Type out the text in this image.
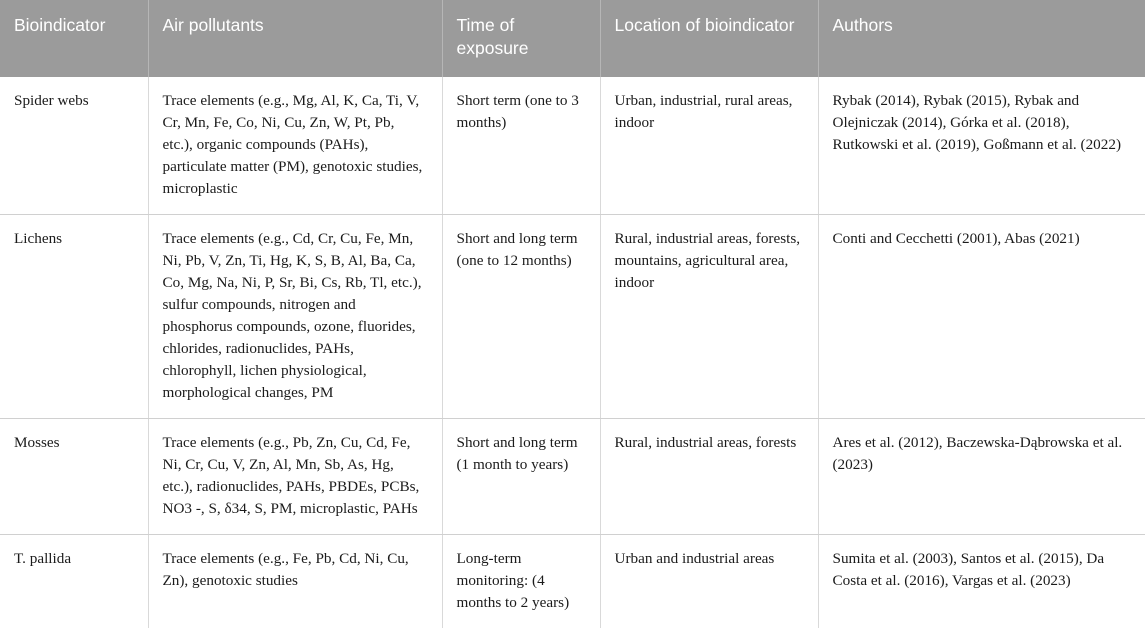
Bioindicator	Air pollutants	Time of exposure	Location of bioindicator	Authors
Spider webs	Trace elements (e.g., Mg, Al, K, Ca, Ti, V, Cr, Mn, Fe, Co, Ni, Cu, Zn, W, Pt, Pb, etc.), organic compounds (PAHs), particulate matter (PM), genotoxic studies, microplastic	Short term (one to 3 months)	Urban, industrial, rural areas, indoor	Rybak (2014), Rybak (2015), Rybak and Olejniczak (2014), Górka et al. (2018), Rutkowski et al. (2019), Goßmann et al. (2022)
Lichens	Trace elements (e.g., Cd, Cr, Cu, Fe, Mn, Ni, Pb, V, Zn, Ti, Hg, K, S, B, Al, Ba, Ca, Co, Mg, Na, Ni, P, Sr, Bi, Cs, Rb, Tl, etc.), sulfur compounds, nitrogen and phosphorus compounds, ozone, fluorides, chlorides, radionuclides, PAHs, chlorophyll, lichen physiological, morphological changes, PM	Short and long term (one to 12 months)	Rural, industrial areas, forests, mountains, agricultural area, indoor	Conti and Cecchetti (2001), Abas (2021)
Mosses	Trace elements (e.g., Pb, Zn, Cu, Cd, Fe, Ni, Cr, Cu, V, Zn, Al, Mn, Sb, As, Hg, etc.), radionuclides, PAHs, PBDEs, PCBs, NO3 -, S, δ34, S, PM, microplastic, PAHs	Short and long term (1 month to years)	Rural, industrial areas, forests	Ares et al. (2012), Baczewska-Dąbrowska et al. (2023)
T. pallida	Trace elements (e.g., Fe, Pb, Cd, Ni, Cu, Zn), genotoxic studies	Long-term monitoring: (4 months to 2 years)	Urban and industrial areas	Sumita et al. (2003), Santos et al. (2015), Da Costa et al. (2016), Vargas et al. (2023)
